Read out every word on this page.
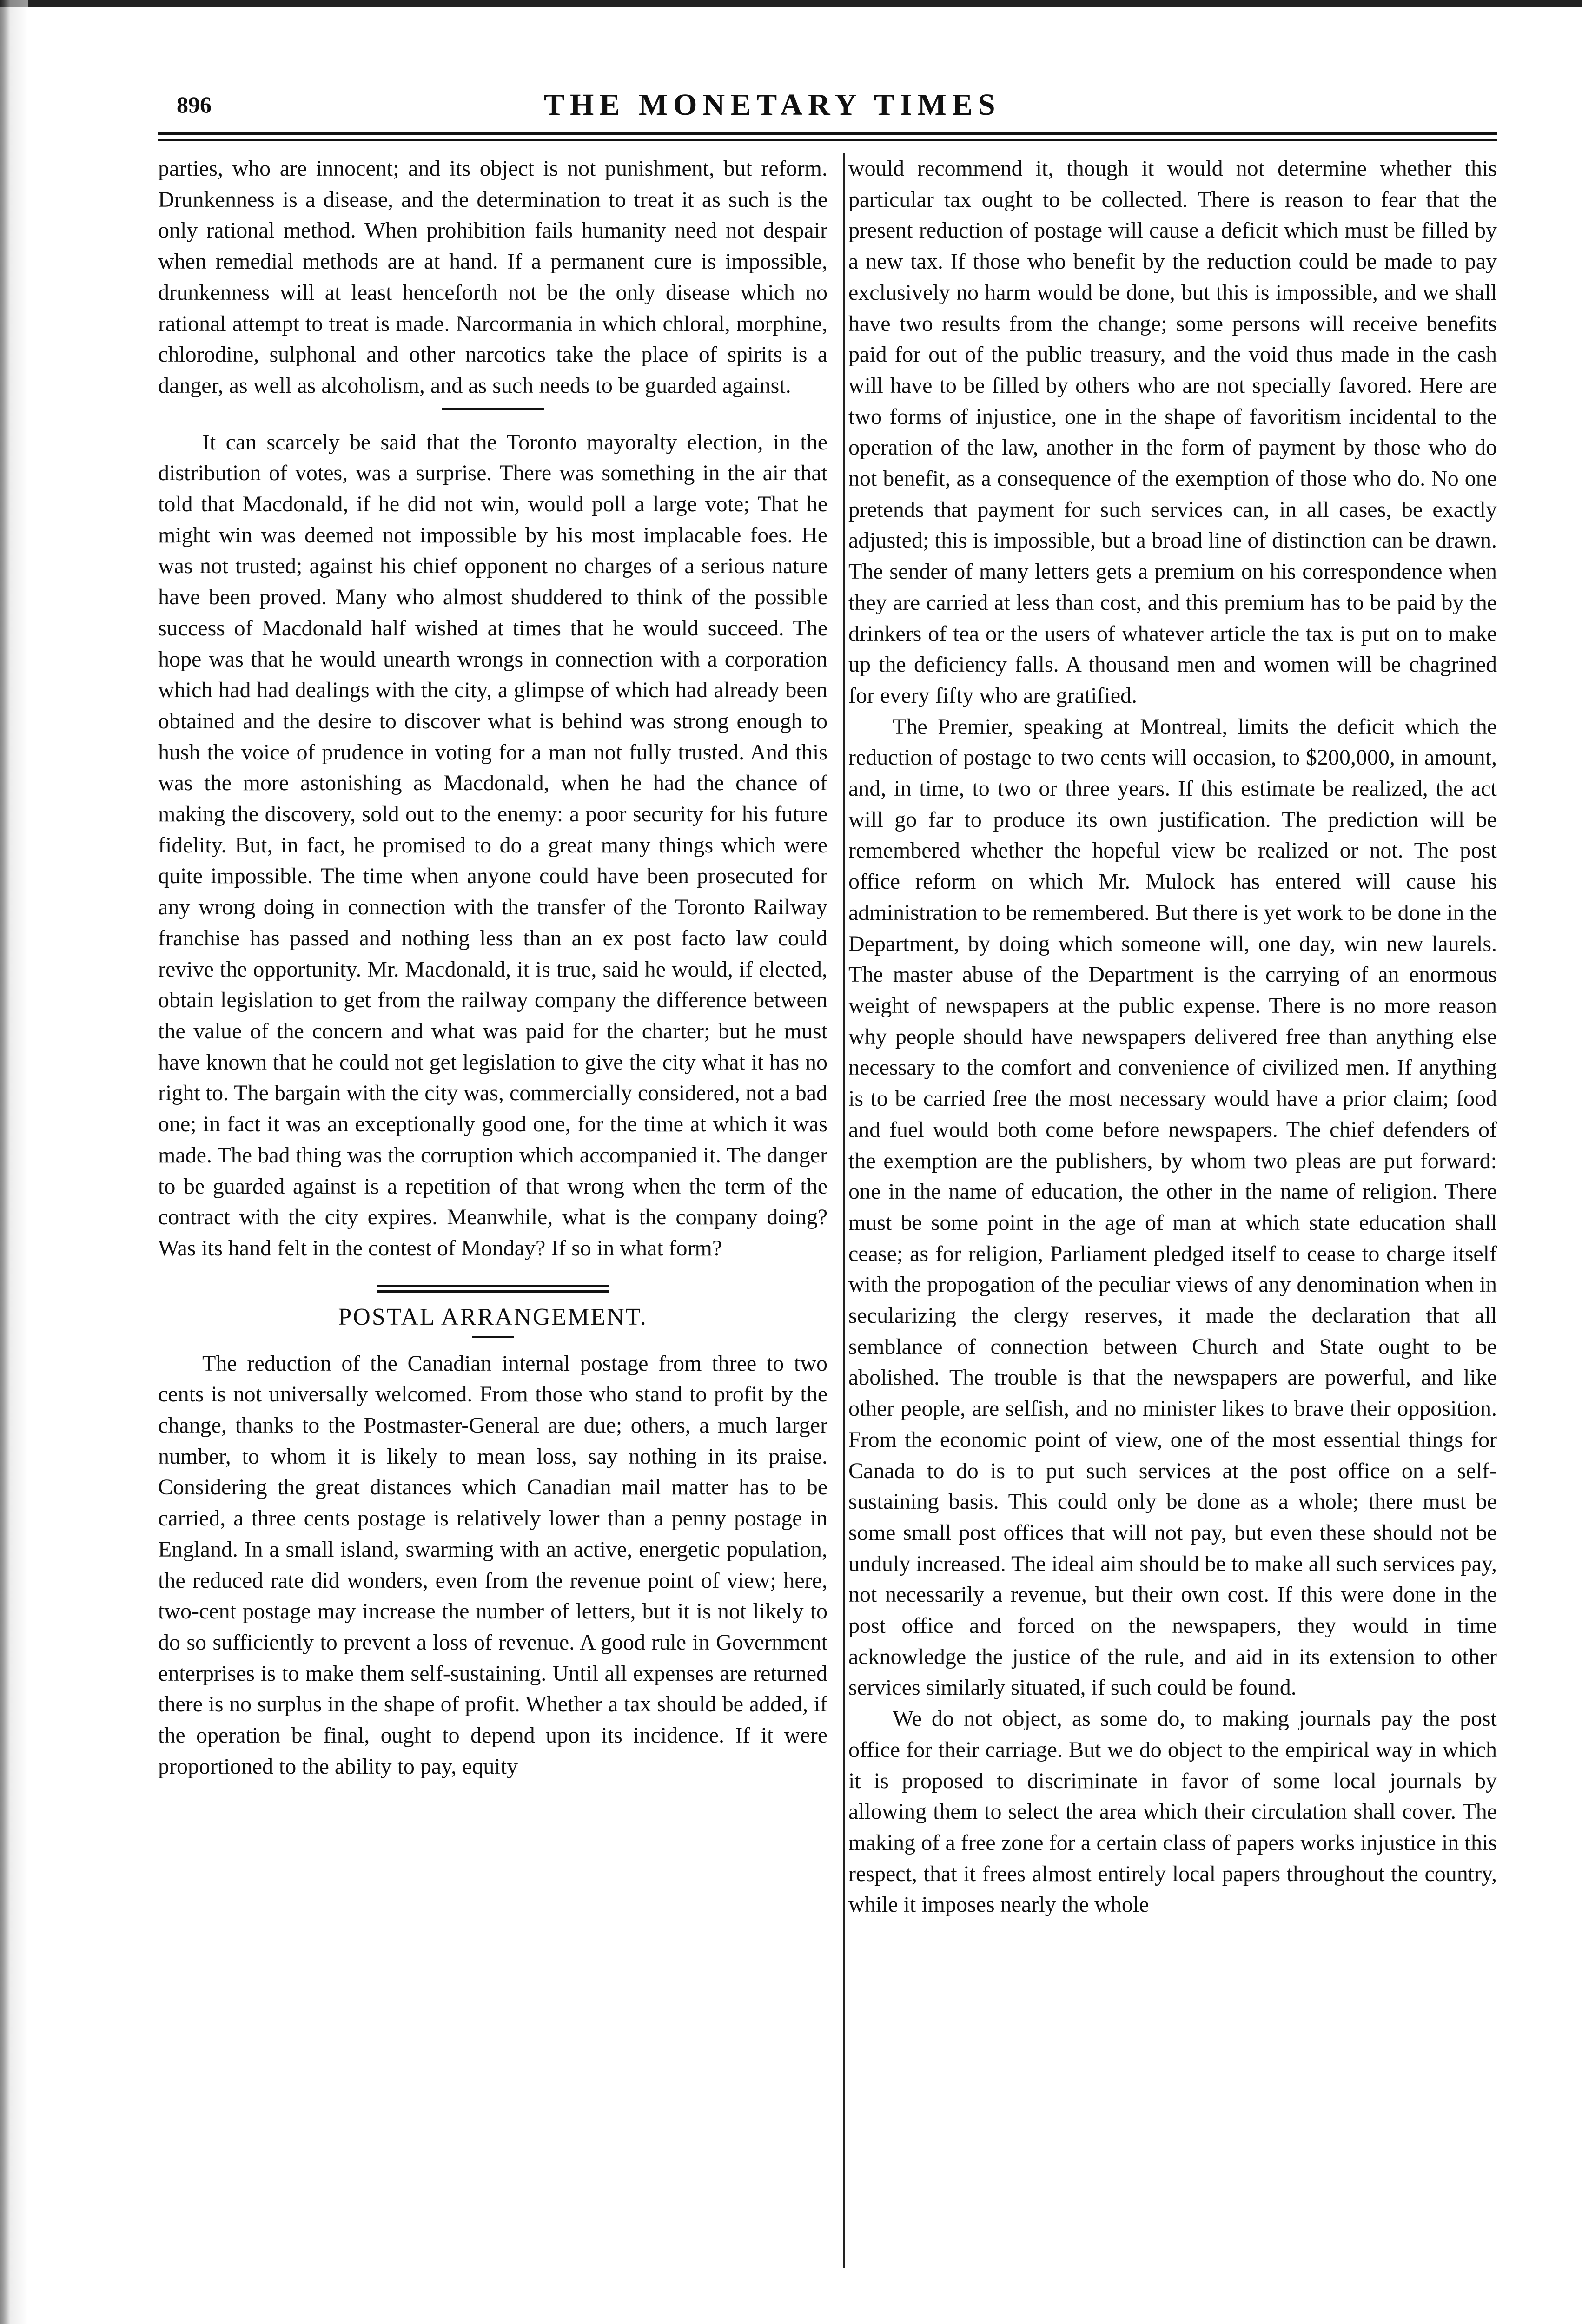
896	THE MONETARY TIMES

parties, who are innocent; and its object is not punishment, but reform. Drunkenness is a disease, and the determination to treat it as such is the only rational method. When prohibition fails humanity need not despair when remedial methods are at hand. If a permanent cure is impossible, drunkenness will at least henceforth not be the only disease which no rational attempt to treat is made. Narcormania in which chloral, morphine, chlorodine, sulphonal and other narcotics take the place of spirits is a danger, as well as alcoholism, and as such needs to be guarded against.

It can scarcely be said that the Toronto mayoralty election, in the distribution of votes, was a surprise. There was something in the air that told that Macdonald, if he did not win, would poll a large vote; That he might win was deemed not impossible by his most implacable foes. He was not trusted; against his chief opponent no charges of a serious nature have been proved. Many who almost shuddered to think of the possible success of Macdonald half wished at times that he would succeed. The hope was that he would unearth wrongs in connection with a corporation which had had dealings with the city, a glimpse of which had already been obtained and the desire to discover what is behind was strong enough to hush the voice of prudence in voting for a man not fully trusted. And this was the more astonishing as Macdonald, when he had the chance of making the discovery, sold out to the enemy: a poor security for his future fidelity. But, in fact, he promised to do a great many things which were quite impossible. The time when anyone could have been prosecuted for any wrong doing in connection with the transfer of the Toronto Railway franchise has passed and nothing less than an ex post facto law could revive the opportunity. Mr. Macdonald, it is true, said he would, if elected, obtain legislation to get from the railway company the difference between the value of the concern and what was paid for the charter; but he must have known that he could not get legislation to give the city what it has no right to. The bargain with the city was, commercially considered, not a bad one; in fact it was an exceptionally good one, for the time at which it was made. The bad thing was the corruption which accompanied it. The danger to be guarded against is a repetition of that wrong when the term of the contract with the city expires. Meanwhile, what is the company doing? Was its hand felt in the contest of Monday? If so in what form?

POSTAL ARRANGEMENT.

The reduction of the Canadian internal postage from three to two cents is not universally welcomed. From those who stand to profit by the change, thanks to the Postmaster-General are due; others, a much larger number, to whom it is likely to mean loss, say nothing in its praise. Considering the great distances which Canadian mail matter has to be carried, a three cents postage is relatively lower than a penny postage in England. In a small island, swarming with an active, energetic population, the reduced rate did wonders, even from the revenue point of view; here, two-cent postage may increase the number of letters, but it is not likely to do so sufficiently to prevent a loss of revenue. A good rule in Government enterprises is to make them self-sustaining. Until all expenses are returned there is no surplus in the shape of profit. Whether a tax should be added, if the operation be final, ought to depend upon its incidence. If it were proportioned to the ability to pay, equity

would recommend it, though it would not determine whether this particular tax ought to be collected. There is reason to fear that the present reduction of postage will cause a deficit which must be filled by a new tax. If those who benefit by the reduction could be made to pay exclusively no harm would be done, but this is impossible, and we shall have two results from the change; some persons will receive benefits paid for out of the public treasury, and the void thus made in the cash will have to be filled by others who are not specially favored. Here are two forms of injustice, one in the shape of favoritism incidental to the operation of the law, another in the form of payment by those who do not benefit, as a consequence of the exemption of those who do. No one pretends that payment for such services can, in all cases, be exactly adjusted; this is impossible, but a broad line of distinction can be drawn. The sender of many letters gets a premium on his correspondence when they are carried at less than cost, and this premium has to be paid by the drinkers of tea or the users of whatever article the tax is put on to make up the deficiency falls. A thousand men and women will be chagrined for every fifty who are gratified.

The Premier, speaking at Montreal, limits the deficit which the reduction of postage to two cents will occasion, to $200,000, in amount, and, in time, to two or three years. If this estimate be realized, the act will go far to produce its own justification. The prediction will be remembered whether the hopeful view be realized or not. The post office reform on which Mr. Mulock has entered will cause his administration to be remembered. But there is yet work to be done in the Department, by doing which someone will, one day, win new laurels. The master abuse of the Department is the carrying of an enormous weight of newspapers at the public expense. There is no more reason why people should have newspapers delivered free than anything else necessary to the comfort and convenience of civilized men. If anything is to be carried free the most necessary would have a prior claim; food and fuel would both come before newspapers. The chief defenders of the exemption are the publishers, by whom two pleas are put forward: one in the name of education, the other in the name of religion. There must be some point in the age of man at which state education shall cease; as for religion, Parliament pledged itself to cease to charge itself with the propogation of the peculiar views of any denomination when in secularizing the clergy reserves, it made the declaration that all semblance of connection between Church and State ought to be abolished. The trouble is that the newspapers are powerful, and like other people, are selfish, and no minister likes to brave their opposition. From the economic point of view, one of the most essential things for Canada to do is to put such services at the post office on a self-sustaining basis. This could only be done as a whole; there must be some small post offices that will not pay, but even these should not be unduly increased. The ideal aim should be to make all such services pay, not necessarily a revenue, but their own cost. If this were done in the post office and forced on the newspapers, they would in time acknowledge the justice of the rule, and aid in its extension to other services similarly situated, if such could be found.

We do not object, as some do, to making journals pay the post office for their carriage. But we do object to the empirical way in which it is proposed to discriminate in favor of some local journals by allowing them to select the area which their circulation shall cover. The making of a free zone for a certain class of papers works injustice in this respect, that it frees almost entirely local papers throughout the country, while it imposes nearly the whole
